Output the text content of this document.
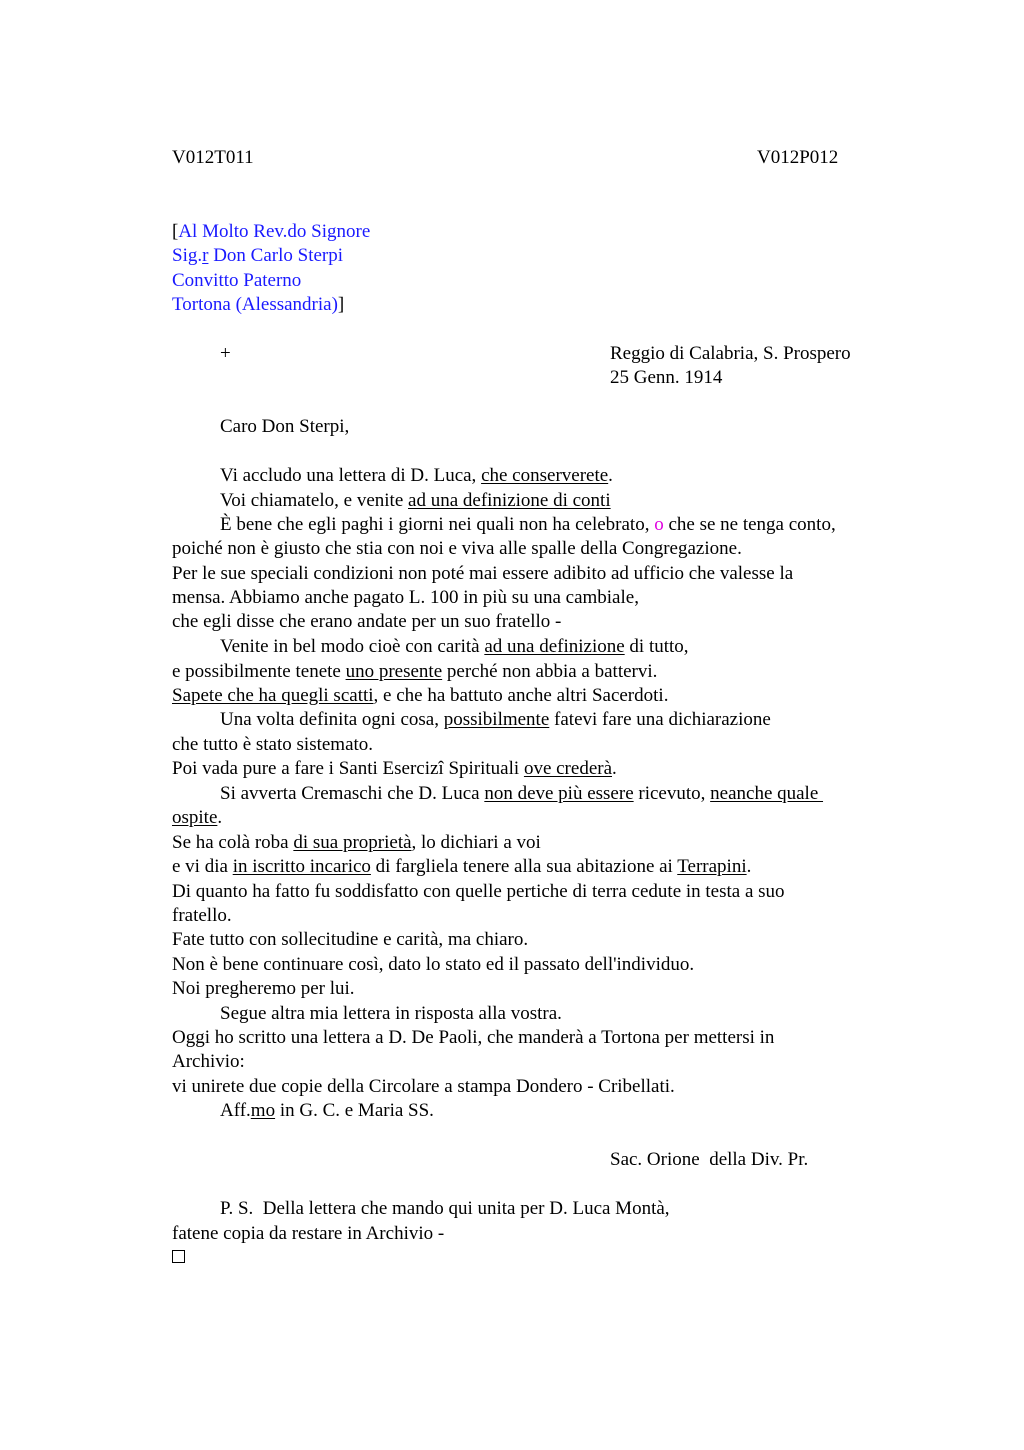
V012T011	V012P012
[Al Molto Rev.do Signore
Sig.r Don Carlo Sterpi
Convitto Paterno
Tortona (Alessandria)]
+	Reggio di Calabria, S. Prospero
25 Genn. 1914
Caro Don Sterpi,
Vi accludo una lettera di D. Luca, che conserverete.
Voi chiamatelo, e venite ad una definizione di conti
È bene che egli paghi i giorni nei quali non ha celebrato, o che se ne tenga conto,
poiché non è giusto che stia con noi e viva alle spalle della Congregazione.
Per le sue speciali condizioni non poté mai essere adibito ad ufficio che valesse la
mensa. Abbiamo anche pagato L. 100 in più su una cambiale,
che egli disse che erano andate per un suo fratello -
Venite in bel modo cioè con carità ad una definizione di tutto,
e possibilmente tenete uno presente perché non abbia a battervi.
Sapete che ha quegli scatti, e che ha battuto anche altri Sacerdoti.
Una volta definita ogni cosa, possibilmente fatevi fare una dichiarazione
che tutto è stato sistemato.
Poi vada pure a fare i Santi Esercizî Spirituali ove crederà.
Si avverta Cremaschi che D. Luca non deve più essere ricevuto, neanche quale
ospite.
Se ha colà roba di sua proprietà, lo dichiari a voi
e vi dia in iscritto incarico di fargliela tenere alla sua abitazione ai Terrapini.
Di quanto ha fatto fu soddisfatto con quelle pertiche di terra cedute in testa a suo
fratello.
Fate tutto con sollecitudine e carità, ma chiaro.
Non è bene continuare così, dato lo stato ed il passato dell'individuo.
Noi pregheremo per lui.
Segue altra mia lettera in risposta alla vostra.
Oggi ho scritto una lettera a D. De Paoli, che manderà a Tortona per mettersi in
Archivio:
vi unirete due copie della Circolare a stampa Dondero - Cribellati.
Aff.mo in G. C. e Maria SS.
Sac. Orione  della Div. Pr.
P. S.  Della lettera che mando qui unita per D. Luca Montà,
fatene copia da restare in Archivio -
